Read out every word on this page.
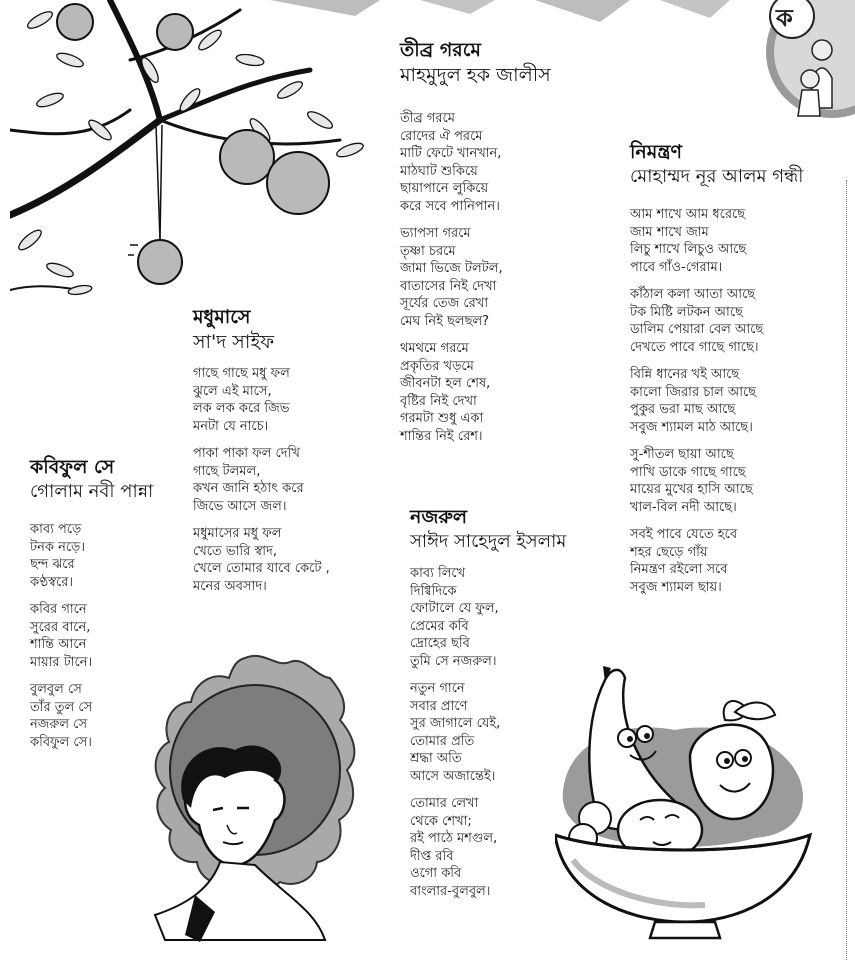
ক
তীব্র গরমে
মাহমুদুল হক জালীস
তীব্র গরমে
রোদের ঐ পরমে
মাটি ফেটে খানখান,
মাঠঘাট শুকিয়ে
ছায়াপানে লুকিয়ে
করে সবে পানিপান।
ভ্যাপসা গরমে
তৃষ্ণা চরমে
জামা ভিজে টলটল,
বাতাসের নিই দেখা
সূর্যের তেজ রেখা
মেঘ নিই ছলছল?
থমথমে গরমে
প্রকৃতির খড়মে
জীবনটা হল শেষ,
বৃষ্টির নিই দেখা
গরমটা শুধু একা
শান্তির নিই রেশ।
নিমন্ত্রণ
মোহাম্মদ নূর আলম গন্ধী
আম শাখে আম ধরেছে
জাম শাখে জাম
লিচু শাখে লিচুও আছে
পাবে গাঁও-গেরাম।
কাঁঠাল কলা আতা আছে
টক মিষ্টি লটকন আছে
ডালিম পেয়ারা বেল আছে
দেখতে পাবে গাছে গাছে।
বিন্নি ধানের খই আছে
কালো জিরার চাল আছে
পুকুর ভরা মাছ আছে
সবুজ শ্যামল মাঠ আছে।
সু-শীতল ছায়া আছে
পাখি ডাকে গাছে গাছে
মায়ের মুখের হাসি আছে
খাল-বিল নদী আছে।
সবই পাবে যেতে হবে
শহর ছেড়ে গাঁয়
নিমন্ত্রণ রইলো সবে
সবুজ শ্যামল ছায়।
মধুমাসে
সা'দ সাইফ
গাছে গাছে মধু ফল
ঝুলে এই মাসে,
লক লক করে জিভ
মনটা যে নাচে।
পাকা পাকা ফল দেখি
গাছে টলমল,
কখন জানি হঠাৎ করে
জিভে আসে জল।
মধুমাসের মধু ফল
খেতে ভারি স্বাদ,
খেলে তোমার যাবে কেটে ,
মনের অবসাদ।
কবিফুল সে
গোলাম নবী পান্না
কাব্য পড়ে
টনক নড়ে।
ছন্দ ঝরে
কণ্ঠস্বরে।
কবির গানে
সুরের বানে,
শান্তি আনে
মায়ার টানে।
বুলবুল সে
তাঁর তুল সে
নজরুল সে
কবিফুল সে।
নজরুল
সাঈদ সাহেদুল ইসলাম
কাব্য লিখে
দিগ্বিদিকে
ফোটালে যে ফুল,
প্রেমের কবি
দ্রোহের ছবি
তুমি সে নজরুল।
নতুন গানে
সবার প্রাণে
সুর জাগালে যেই,
তোমার প্রতি
শ্রদ্ধা অতি
আসে অজান্তেই।
তোমার লেখা
থেকে শেখা;
রই পাঠে মশগুল,
দীপ্ত রবি
ওগো কবি
বাংলার-বুলবুল।
